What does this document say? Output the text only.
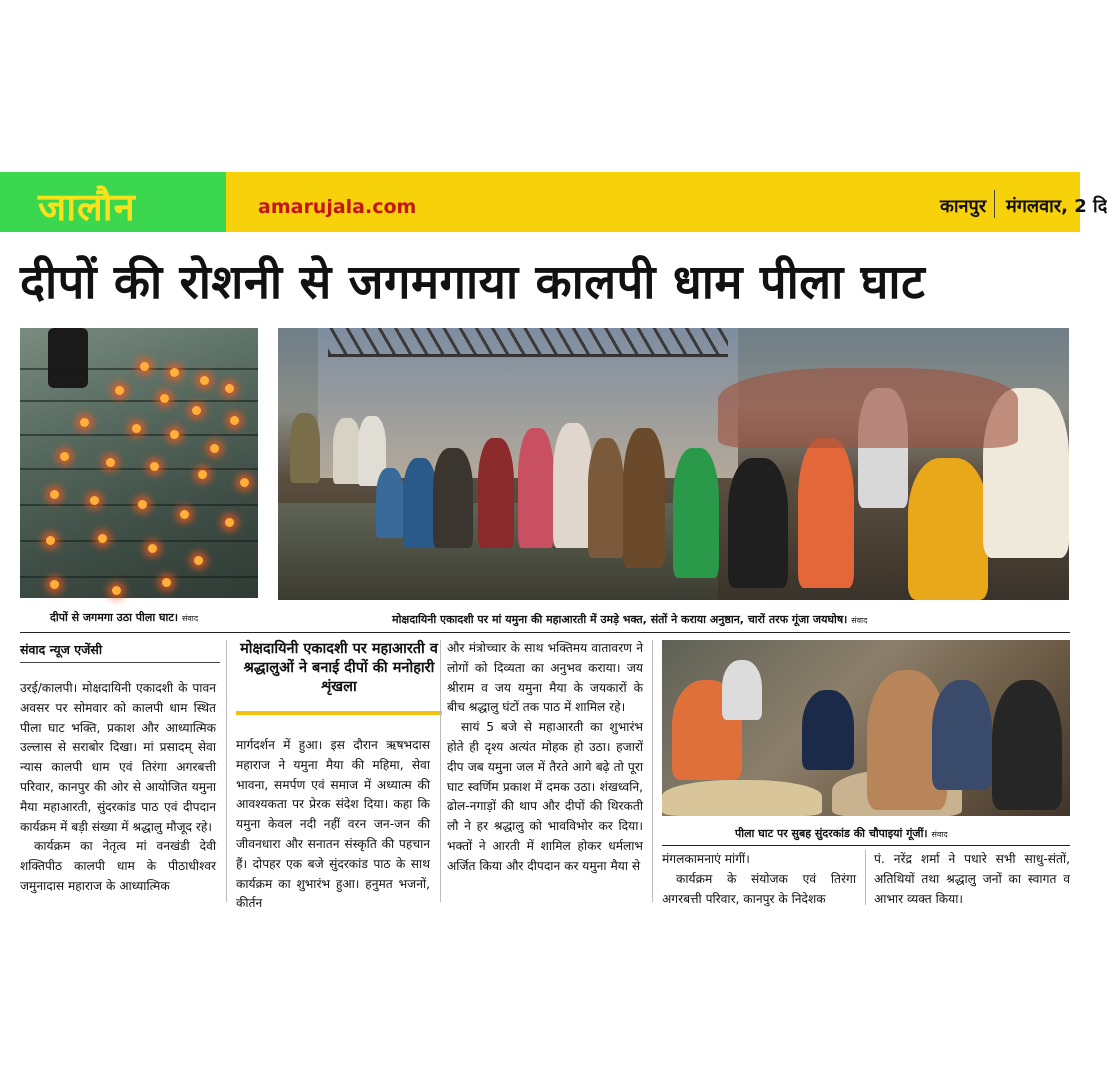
जालौन	amarujala.com	कानपुर मंगलवार, 2 दि
दीपों की रोशनी से जगमगाया कालपी धाम पीला घाट
दीपों से जगमगा उठा पीला घाट। संवाद	मोक्षदायिनी एकादशी पर मां यमुना की महाआरती में उमड़े भक्त, संतों ने कराया अनुष्ठान, चारों तरफ गूंजा जयघोष। संवाद
संवाद न्यूज एजेंसी

उरई/कालपी। मोक्षदायिनी एकादशी के पावन अवसर पर सोमवार को कालपी धाम स्थित पीला घाट भक्ति, प्रकाश और आध्यात्मिक उल्लास से सराबोर दिखा। मां प्रसादम् सेवा न्यास कालपी धाम एवं तिरंगा अगरबत्ती परिवार, कानपुर की ओर से आयोजित यमुना मैया महाआरती, सुंदरकांड पाठ एवं दीपदान कार्यक्रम में बड़ी संख्या में श्रद्धालु मौजूद रहे।

कार्यक्रम का नेतृत्व मां वनखंडी देवी शक्तिपीठ कालपी धाम के पीठाधीश्वर जमुनादास महाराज के आध्यात्मिक

मोक्षदायिनी एकादशी पर महाआरती व श्रद्धालुओं ने बनाई दीपों की मनोहारी शृंखला

मार्गदर्शन में हुआ। इस दौरान ऋषभदास महाराज ने यमुना मैया की महिमा, सेवा भावना, समर्पण एवं समाज में अध्यात्म की आवश्यकता पर प्रेरक संदेश दिया। कहा कि यमुना केवल नदी नहीं वरन जन-जन की जीवनधारा और सनातन संस्कृति की पहचान हैं। दोपहर एक बजे सुंदरकांड पाठ के साथ कार्यक्रम का शुभारंभ हुआ। हनुमत भजनों, कीर्तन

और मंत्रोच्चार के साथ भक्तिमय वातावरण ने लोगों को दिव्यता का अनुभव कराया। जय श्रीराम व जय यमुना मैया के जयकारों के बीच श्रद्धालु घंटों तक पाठ में शामिल रहे।

सायं 5 बजे से महाआरती का शुभारंभ होते ही दृश्य अत्यंत मोहक हो उठा। हजारों दीप जब यमुना जल में तैरते आगे बढ़े तो पूरा घाट स्वर्णिम प्रकाश में दमक उठा। शंखध्वनि, ढोल-नगाड़ों की थाप और दीपों की थिरकती लौ ने हर श्रद्धालु को भावविभोर कर दिया। भक्तों ने आरती में शामिल होकर धर्मलाभ अर्जित किया और दीपदान कर यमुना मैया से

पीला घाट पर सुबह सुंदरकांड की चौपाइयां गूंजीं। संवाद

मंगलकामनाएं मांगीं।

कार्यक्रम के संयोजक एवं तिरंगा अगरबत्ती परिवार, कानपुर के निदेशक

पं. नरेंद्र शर्मा ने पधारे सभी साधु-संतों, अतिथियों तथा श्रद्धालु जनों का स्वागत व आभार व्यक्त किया।
